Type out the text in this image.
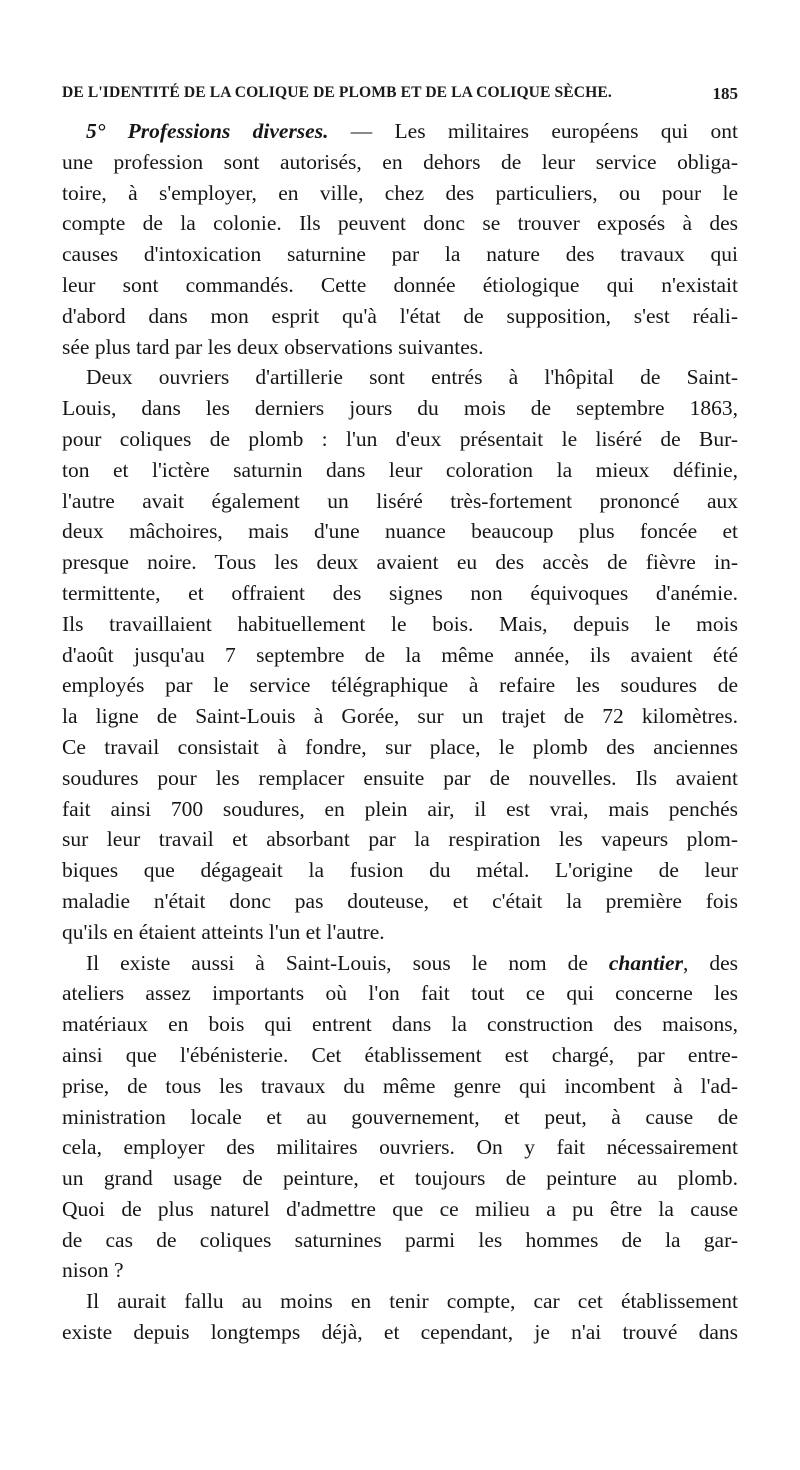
DE L'IDENTITÉ DE LA COLIQUE DE PLOMB ET DE LA COLIQUE SÈCHE.	185
5° Professions diverses. — Les militaires européens qui ont
une profession sont autorisés, en dehors de leur service obliga-
toire, à s'employer, en ville, chez des particuliers, ou pour le
compte de la colonie. Ils peuvent donc se trouver exposés à des
causes d'intoxication saturnine par la nature des travaux qui
leur sont commandés. Cette donnée étiologique qui n'existait
d'abord dans mon esprit qu'à l'état de supposition, s'est réali-
sée plus tard par les deux observations suivantes.
Deux ouvriers d'artillerie sont entrés à l'hôpital de Saint-
Louis, dans les derniers jours du mois de septembre 1863,
pour coliques de plomb : l'un d'eux présentait le liséré de Bur-
ton et l'ictère saturnin dans leur coloration la mieux définie,
l'autre avait également un liséré très-fortement prononcé aux
deux mâchoires, mais d'une nuance beaucoup plus foncée et
presque noire. Tous les deux avaient eu des accès de fièvre in-
termittente, et offraient des signes non équivoques d'anémie.
Ils travaillaient habituellement le bois. Mais, depuis le mois
d'août jusqu'au 7 septembre de la même année, ils avaient été
employés par le service télégraphique à refaire les soudures de
la ligne de Saint-Louis à Gorée, sur un trajet de 72 kilomètres.
Ce travail consistait à fondre, sur place, le plomb des anciennes
soudures pour les remplacer ensuite par de nouvelles. Ils avaient
fait ainsi 700 soudures, en plein air, il est vrai, mais penchés
sur leur travail et absorbant par la respiration les vapeurs plom-
biques que dégageait la fusion du métal. L'origine de leur
maladie n'était donc pas douteuse, et c'était la première fois
qu'ils en étaient atteints l'un et l'autre.
Il existe aussi à Saint-Louis, sous le nom de chantier, des
ateliers assez importants où l'on fait tout ce qui concerne les
matériaux en bois qui entrent dans la construction des maisons,
ainsi que l'ébénisterie. Cet établissement est chargé, par entre-
prise, de tous les travaux du même genre qui incombent à l'ad-
ministration locale et au gouvernement, et peut, à cause de
cela, employer des militaires ouvriers. On y fait nécessairement
un grand usage de peinture, et toujours de peinture au plomb.
Quoi de plus naturel d'admettre que ce milieu a pu être la cause
de cas de coliques saturnines parmi les hommes de la gar-
nison ?
Il aurait fallu au moins en tenir compte, car cet établissement
existe depuis longtemps déjà, et cependant, je n'ai trouvé dans
